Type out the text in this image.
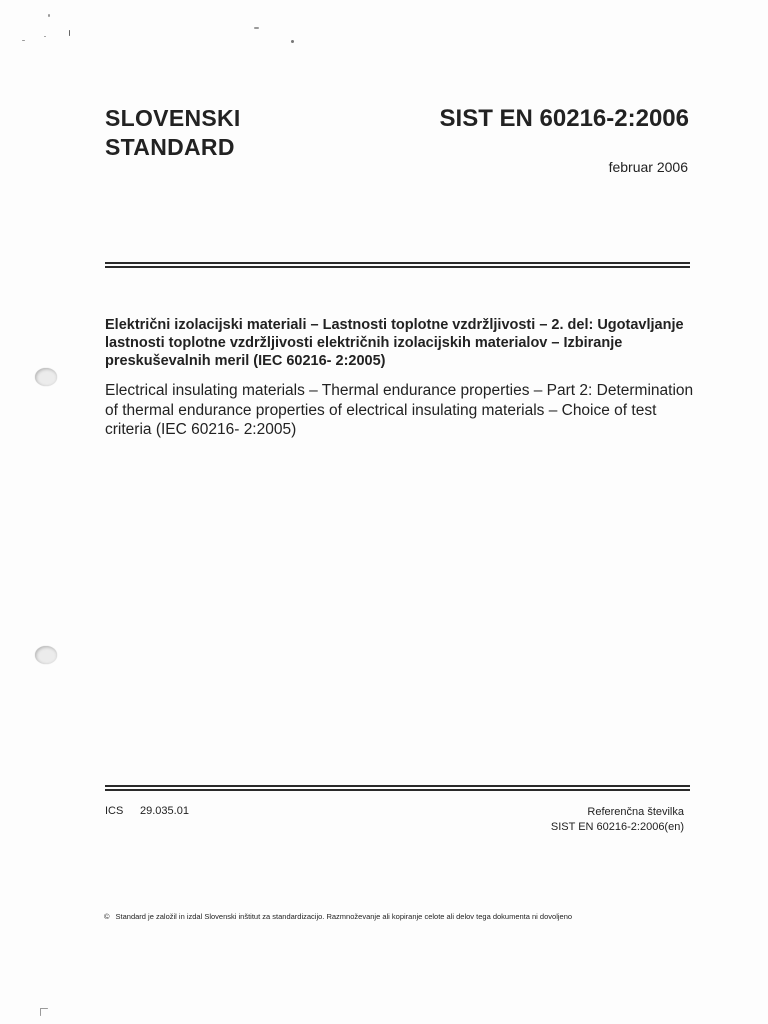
SLOVENSKI
STANDARD
SIST EN 60216-2:2006
februar 2006
Električni izolacijski materiali – Lastnosti toplotne vzdržljivosti – 2. del: Ugotavljanje lastnosti toplotne vzdržljivosti električnih izolacijskih materialov – Izbiranje preskuševalnih meril (IEC 60216- 2:2005)
Electrical insulating materials – Thermal endurance properties – Part 2: Determination of thermal endurance properties of electrical insulating materials – Choice of test criteria (IEC 60216- 2:2005)
ICS 29.035.01	Referenčna številka
SIST EN 60216-2:2006(en)
© Standard je založil in izdal Slovenski inštitut za standardizacijo. Razmnoževanje ali kopiranje celote ali delov tega dokumenta ni dovoljeno
